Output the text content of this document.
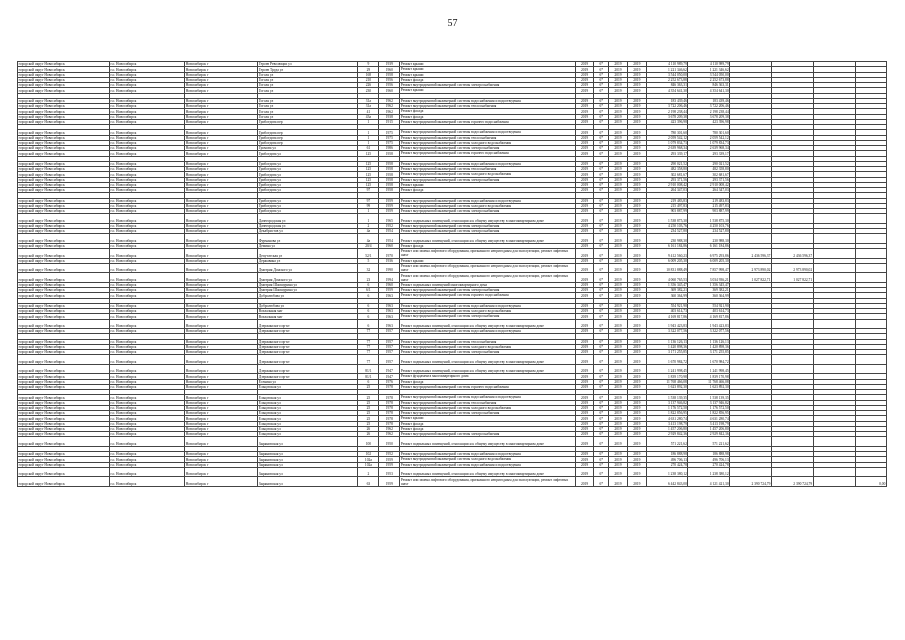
57
городской округ Новосибирск	г.о. Новосибирск	Новосибирск г	Героев Революции ул	9	1939	Ремонт крыши	2019	6*	2019	2019	4 110 989,79	4 110 989,79				
городской округ Новосибирск	г.о. Новосибирск	Новосибирск г	Героев Труда ул	29	1960	Ремонт крыши	2019	6*	2019	2019	1 221 346,62	1 221 346,62				
городской округ Новосибирск	г.о. Новосибирск	Новосибирск г	Гоголя ул	168	1958	Ремонт крыши	2019	6*	2019	2019	3 544 050,00	3 544 050,00				
городской округ Новосибирск	г.о. Новосибирск	Новосибирск г	Гоголя ул	210	1956	Ремонт фасада	2019	6*	2019	2019	2 252 673,88	2 252 673,88				
городской округ Новосибирск	г.о. Новосибирск	Новосибирск г	Гоголя ул	226	1956	Ремонт внутридомовой инженерной системы электроснабжения	2019	6*	2019	2019	846 363,31	846 363,31				
городской округ Новосибирск	г.о. Новосибирск	Новосибирск г	Гоголя ул	230	1960	Ремонт крыши	2019	6*	2019	2019	4 354 641,30	4 354 641,30				

городской округ Новосибирск	г.о. Новосибирск	Новосибирск г	Гоголя ул	31а	1962	Ремонт внутридомовой инженерной системы водоснабжения и водоотведения	2019	6*	2019	2019	183 439,46	183 439,46				
городской округ Новосибирск	г.о. Новосибирск	Новосибирск г	Гоголя ул	31а	1962	Ремонт внутридомовой инженерной системы теплоснабжения	2019	6*	2019	2019	3 722 206,46	3 722 206,46				
городской округ Новосибирск	г.о. Новосибирск	Новосибирск г	Гоголя ул	41	1962	Ремонт фасада	2019	6*	2019	2019	2 198 238,44	2 198 238,44				
городской округ Новосибирск	г.о. Новосибирск	Новосибирск г	Гоголя ул	43а	1938	Ремонт фасада	2019	6*	2019	2019	3 678 209,38	3 678 209,38				
городской округ Новосибирск	г.о. Новосибирск	Новосибирск г	Грибоедова пер	1	1915	Ремонт внутридомовой инженерной системы горячего водоснабжения	2019	6*	2019	2019	423 396,98	423 396,98				

городской округ Новосибирск	г.о. Новосибирск	Новосибирск г	Грибоедова пер	1	1975	Ремонт внутридомовой инженерной системы водоснабжения и водоотведения	2019	6*	2019	2019	780 301,60	780 301,60				
городской округ Новосибирск	г.о. Новосибирск	Новосибирск г	Грибоедова пер	1	1975	Ремонт внутридомовой инженерной системы теплоснабжения	2019	6*	2019	2019	2 059 542,12	2 059 542,12				
городской округ Новосибирск	г.о. Новосибирск	Новосибирск г	Грибоедова пер	1	1975	Ремонт внутридомовой инженерной системы холодного водоснабжения	2019	6*	2019	2019	1 079 834,73	1 079 834,73				
городской округ Новосибирск	г.о. Новосибирск	Новосибирск г	Громова ул	61	1986	Ремонт внутридомовой инженерной системы электроснабжения	2019	6*	2019	2019	2 639 968,34	2 639 968,34				
городской округ Новосибирск	г.о. Новосибирск	Новосибирск г	Грибоедова ул	125	1958	Ремонт внутридомовой инженерной системы горячего водоснабжения	2019	6*	2019	2019	293 339,17	293 339,17				

городской округ Новосибирск	г.о. Новосибирск	Новосибирск г	Грибоедова ул	125	1958	Ремонт внутридомовой инженерной системы водоснабжения и водоотведения	2019	6*	2019	2019	290 021,52	290 021,52				
городской округ Новосибирск	г.о. Новосибирск	Новосибирск г	Грибоедова ул	125	1958	Ремонт внутридомовой инженерной системы теплоснабжения	2019	6*	2019	2019	482 358,80	482 358,80				
городской округ Новосибирск	г.о. Новосибирск	Новосибирск г	Грибоедова ул	125	1958	Ремонт внутридомовой инженерной системы холодного водоснабжения	2019	6*	2019	2019	302 681,67	302 681,67				
городской округ Новосибирск	г.о. Новосибирск	Новосибирск г	Грибоедова ул	125	1958	Ремонт внутридомовой инженерной системы электроснабжения	2019	6*	2019	2019	293 371,56	293 371,56				
городской округ Новосибирск	г.о. Новосибирск	Новосибирск г	Грибоедова ул	125	1958	Ремонт крыши	2019	6*	2019	2019	2 910 008,42	2 910 008,42				
городской округ Новосибирск	г.о. Новосибирск	Новосибирск г	Грибоедова ул	97	1958	Ремонт фасада	2019	6*	2019	2019	264 347,03	264 347,03				

городской округ Новосибирск	г.о. Новосибирск	Новосибирск г	Грибоедова ул	97	1959	Ремонт внутридомовой инженерной системы водоснабжения и водоотведения	2019	6*	2019	2019	219 483,83	219 483,83				
городской округ Новосибирск	г.о. Новосибирск	Новосибирск г	Грибоедова ул	99	1959	Ремонт внутридомовой инженерной системы холодного водоснабжения	2019	6*	2019	2019	215 497,83	215 497,83				
городской округ Новосибирск	г.о. Новосибирск	Новосибирск г	Грибоедова ул	1	1959	Ремонт внутридомовой инженерной системы электроснабжения	2019	6*	2019	2019	903 887,99	903 887,99				
городской округ Новосибирск	г.о. Новосибирск	Новосибирск г	Дачегородская ул	1	1965	Ремонт подвальных помещений, относящихся к общему имуществу в многоквартирном доме	2019	6*	2019	2019	1 538 875,30	1 538 875,30				
городской округ Новосибирск	г.о. Новосибирск	Новосибирск г	Дачегородская ул	2	1952	Ремонт внутридомовой инженерной системы электроснабжения	2019	6*	2019	2019	4 250 103,76	4 250 103,76				
городской округ Новосибирск	г.о. Новосибирск	Новосибирск г	Декабристов ул	4а	1954	Ремонт внутридомовой инженерной системы электроснабжения	2019	6*	2019	2019	234 527,80	234 527,80				
городской округ Новосибирск	г.о. Новосибирск	Новосибирск г	Фурманова ул	4а	1954	Ремонт подвальных помещений, относящихся к общему имуществу в многоквартирном доме	2019	6*	2019	2019	230 988,30	230 988,30				
городской округ Новосибирск	г.о. Новосибирск	Новосибирск г	Демина ул	20/4	1960	Ремонт фасада	2019	6*	2019	2019	6 161 184,86	6 161 184,86				
городской округ Новосибирск	г.о. Новосибирск	Новосибирск г	Депутатская ул	52/1	1970	Ремонт или замена лифтового оборудования, признанного непригодным для эксплуатации, ремонт лифтовых шахт	2019	6*	2019	2019	9 412 560,23	6 975 293,86	2 436 596,37	2 436 596,37		
городской округ Новосибирск	г.о. Новосибирск	Новосибирск г	Державина ул	5	1936	Ремонт крыши	2019	6*	2019	2019	6 009 205,30	6 009 205,30				
городской округ Новосибирск	г.о. Новосибирск	Новосибирск г	Дмитрия Донского ул	32	1990	Ремонт или замена лифтового оборудования, признанного непригодным для эксплуатации, ремонт лифтовых шахт	2019	6*	2019	2019	10 831 888,49	7 857 998,47	2 973 890,02	2 973 890,02		
городской округ Новосибирск	г.о. Новосибирск	Новосибирск г	Дмитрия Донского ул	23	1994	Ремонт или замена лифтового оборудования, признанного непригодным для эксплуатации, ремонт лифтовых шахт	2019	6*	2019	2019	4 060 765,53	3 034 936,21	1 027 822,71	1 027 822,71		
городской округ Новосибирск	г.о. Новосибирск	Новосибирск г	Дмитрия Шамшурина ул	6	1960	Ремонт подвальных помещений многоквартирного дома	2019	6*	2019	2019	1 356 345,47	1 356 345,47				
городской округ Новосибирск	г.о. Новосибирск	Новосибирск г	Дмитрия Шамшурина ул	6/1	1959	Ремонт внутридомовой инженерной системы электроснабжения	2019	6*	2019	2019	369 382,21	369 382,21				
городской округ Новосибирск	г.о. Новосибирск	Новосибирск г	Добролюбова ул	6	1963	Ремонт внутридомовой инженерной системы горячего водоснабжения	2019	6*	2019	2019	360 364,99	360 364,99				

городской округ Новосибирск	г.о. Новосибирск	Новосибирск г	Добролюбова ул	6	1963	Ремонт внутридомовой инженерной системы водоснабжения и водоотведения	2019	6*	2019	2019	554 921,90	554 921,90				
городской округ Новосибирск	г.о. Новосибирск	Новосибирск г	Вокзальная маг	6	1963	Ремонт внутридомовой инженерной системы холодного водоснабжения	2019	6*	2019	2019	403 614,73	403 614,73				
городской округ Новосибирск	г.о. Новосибирск	Новосибирск г	Вокзальная маг	6	1963	Ремонт внутридомовой инженерной системы электроснабжения	2019	6*	2019	2019	4 169 817,86	4 169 817,86				
городской округ Новосибирск	г.о. Новосибирск	Новосибирск г	Дзержинского пр-кт	6	1963	Ремонт подвальных помещений, относящихся к общему имуществу в многоквартирном доме	2019	6*	2019	2019	1 943 423,83	1 943 423,83				
городской округ Новосибирск	г.о. Новосибирск	Новосибирск г	Дзержинского пр-кт	77	1957	Ремонт внутридомовой инженерной системы водоснабжения и водоотведения	2019	6*	2019	2019	3 322 077,56	3 322 077,56				

городской округ Новосибирск	г.о. Новосибирск	Новосибирск г	Дзержинского пр-кт	77	1957	Ремонт внутридомовой инженерной системы теплоснабжения	2019	6*	2019	2019	1 136 126,13	1 136 126,13				
городской округ Новосибирск	г.о. Новосибирск	Новосибирск г	Дзержинского пр-кт	77	1957	Ремонт внутридомовой инженерной системы холодного водоснабжения	2019	6*	2019	2019	1 420 898,36	1 420 898,36				
городской округ Новосибирск	г.о. Новосибирск	Новосибирск г	Дзержинского пр-кт	77	1957	Ремонт внутридомовой инженерной системы электроснабжения	2019	6*	2019	2019	3 171 255,85	3 171 255,85				
городской округ Новосибирск	г.о. Новосибирск	Новосибирск г	Дзержинского пр-кт	77	1957	Ремонт подвальных помещений, относящихся к общему имуществу в многоквартирном доме	2019	6*	2019	2019	1 670 984,72	1 670 984,72				
городской округ Новосибирск	г.о. Новосибирск	Новосибирск г	Дзержинского пр-кт	81/1	1947	Ремонт подвальных помещений, относящихся к общему имуществу в многоквартирном доме	2019	6*	2019	2019	1 241 998,45	1 241 998,45				
городской округ Новосибирск	г.о. Новосибирск	Новосибирск г	Дзержинского пр-кт	81/1	1947	Ремонт фундамента многоквартирного дома	2019	6*	2019	2019	1 839 170,98	1 839 170,98				
городской округ Новосибирск	г.о. Новосибирск	Новосибирск г	Есенина ул	6	1976	Ремонт фасада	2019	6*	2019	2019	11 768 466,08	11 768 466,08				
городской округ Новосибирск	г.о. Новосибирск	Новосибирск г	Ельцовская ул	25	1978	Ремонт внутридомовой инженерной системы горячего водоснабжения	2019	6*	2019	2019	1 623 892,30	1 623 892,30				

городской округ Новосибирск	г.о. Новосибирск	Новосибирск г	Ельцовская ул	25	1978	Ремонт внутридомовой инженерной системы водоснабжения и водоотведения	2019	6*	2019	2019	1 538 139,35	1 538 139,35				
городской округ Новосибирск	г.о. Новосибирск	Новосибирск г	Ельцовская ул	25	1978	Ремонт внутридомовой инженерной системы теплоснабжения	2019	6*	2019	2019	3 137 946,82	3 137 946,82				
городской округ Новосибирск	г.о. Новосибирск	Новосибирск г	Ельцовская ул	25	1978	Ремонт внутридомовой инженерной системы холодного водоснабжения	2019	6*	2019	2019	1 176 572,50	1 176 572,50				
городской округ Новосибирск	г.о. Новосибирск	Новосибирск г	Ельцовская ул	25	1978	Ремонт внутридомовой инженерной системы электроснабжения	2019	6*	2019	2019	1 822 856,95	1 822 856,95				
городской округ Новосибирск	г.о. Новосибирск	Новосибирск г	Ельцовская ул	25	1978	Ремонт крыши	2019	6*	2019	2019	4 631 280,74	4 631 280,74				
городской округ Новосибирск	г.о. Новосибирск	Новосибирск г	Ельцовская ул	25	1978	Ремонт фасада	2019	6*	2019	2019	3 413 198,79	3 413 198,79				
городской округ Новосибирск	г.о. Новосибирск	Новосибирск г	Ельцовская ул	26	1962	Ремонт фасада	2019	6*	2019	2019	1 457 206,80	1 457 206,80				
городской округ Новосибирск	г.о. Новосибирск	Новосибирск г	Ельцовская ул	26	1962	Ремонт внутридомовой инженерной системы электроснабжения	2019	6*	2019	2019	2 929 842,36	2 929 842,36				
городской округ Новосибирск	г.о. Новосибирск	Новосибирск г	Зыряновская ул	100	1950	Ремонт подвальных помещений, относящихся к общему имуществу в многоквартирном доме	2019	6*	2019	2019	571 221,62	571 221,62				

городской округ Новосибирск	г.о. Новосибирск	Новосибирск г	Зыряновская ул	102	1952	Ремонт внутридомовой инженерной системы водоснабжения и водоотведения	2019	6*	2019	2019	186 888,98	186 888,98				
городской округ Новосибирск	г.о. Новосибирск	Новосибирск г	Зыряновская ул	102а	1959	Ремонт внутридомовой инженерной системы холодного водоснабжения	2019	6*	2019	2019	496 706,13	496 706,13				
городской округ Новосибирск	г.о. Новосибирск	Новосибирск г	Зыряновская ул	102а	1959	Ремонт внутридомовой инженерной системы водоснабжения и водоотведения	2019	6*	2019	2019	270 424,78	270 424,78				
городской округ Новосибирск	г.о. Новосибирск	Новосибирск г	Зыряновская ул	2	1953	Ремонт подвальных помещений, относящихся к общему имуществу в многоквартирном доме	2019	6*	2019	2019	1 238 380,12	1 238 380,12				
городской округ Новосибирск	г.о. Новосибирск	Новосибирск г	Зыряновская ул	63	1959	Ремонт или замена лифтового оборудования, признанного непригодным для эксплуатации, ремонт лифтовых шахт	2019	6*	2019	2019	6 442 843,00	4 121 421,30	2 390 724,79	2 390 724,79		0,00
